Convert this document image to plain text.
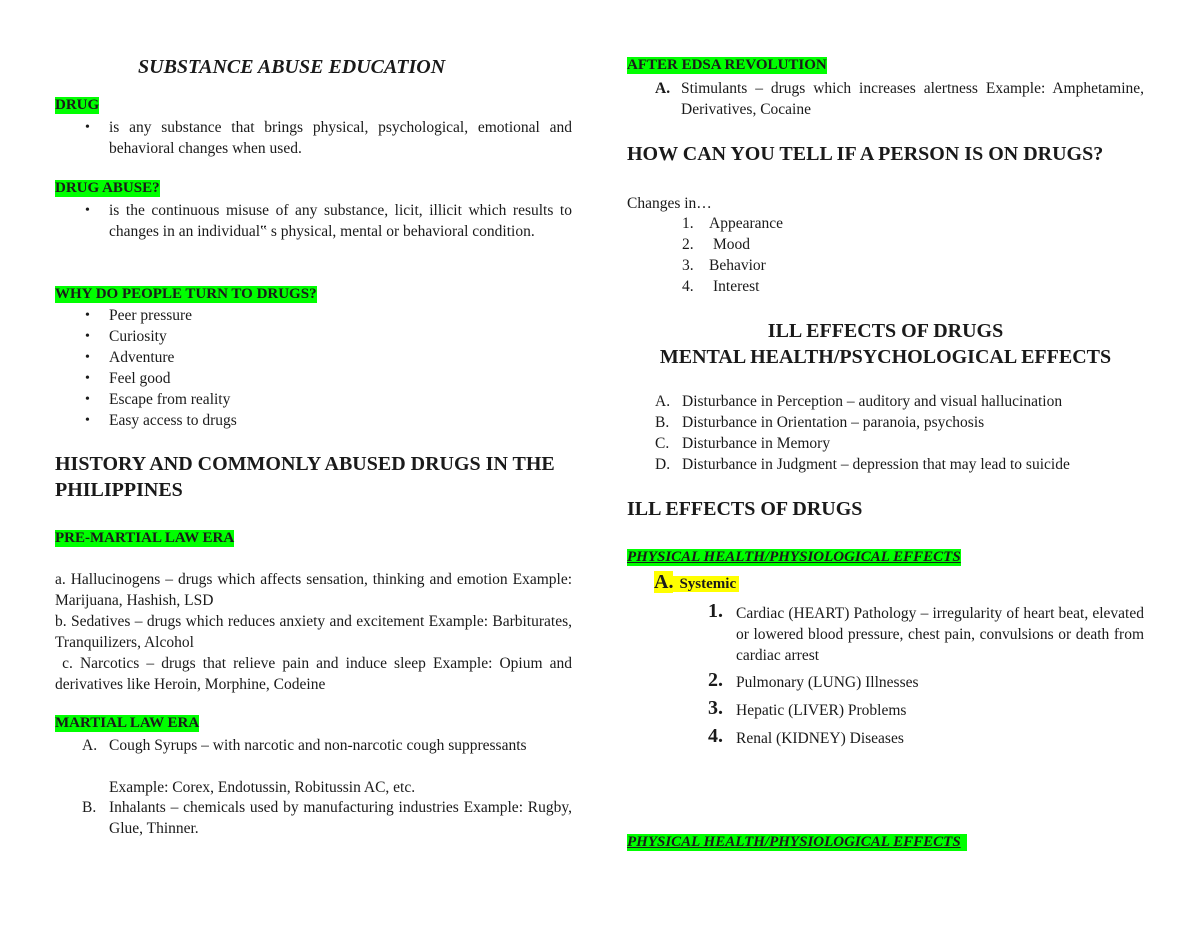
SUBSTANCE ABUSE EDUCATION
DRUG
• is any substance that brings physical, psychological, emotional and behavioral changes when used.
DRUG ABUSE?
• is the continuous misuse of any substance, licit, illicit which results to changes in an individual‟ s physical, mental or behavioral condition.
WHY DO PEOPLE TURN TO DRUGS?
• Peer pressure
• Curiosity
• Adventure
• Feel good
• Escape from reality
• Easy access to drugs
HISTORY AND COMMONLY ABUSED DRUGS IN THE PHILIPPINES
PRE-MARTIAL LAW ERA
a. Hallucinogens – drugs which affects sensation, thinking and emotion Example: Marijuana, Hashish, LSD
b. Sedatives – drugs which reduces anxiety and excitement Example: Barbiturates, Tranquilizers, Alcohol
c. Narcotics – drugs that relieve pain and induce sleep Example: Opium and derivatives like Heroin, Morphine, Codeine
MARTIAL LAW ERA
A. Cough Syrups – with narcotic and non-narcotic cough suppressants
Example: Corex, Endotussin, Robitussin AC, etc.
B. Inhalants – chemicals used by manufacturing industries Example: Rugby, Glue, Thinner.
AFTER EDSA REVOLUTION
A. Stimulants – drugs which increases alertness Example: Amphetamine, Derivatives, Cocaine
HOW CAN YOU TELL IF A PERSON IS ON DRUGS?
Changes in…
1. Appearance
2. Mood
3. Behavior
4. Interest
ILL EFFECTS OF DRUGS
MENTAL HEALTH/PSYCHOLOGICAL EFFECTS
A. Disturbance in Perception – auditory and visual hallucination
B. Disturbance in Orientation – paranoia, psychosis
C. Disturbance in Memory
D. Disturbance in Judgment – depression that may lead to suicide
ILL EFFECTS OF DRUGS
PHYSICAL HEALTH/PHYSIOLOGICAL EFFECTS
A. Systemic
1. Cardiac (HEART) Pathology – irregularity of heart beat, elevated or lowered blood pressure, chest pain, convulsions or death from cardiac arrest
2. Pulmonary (LUNG) Illnesses
3. Hepatic (LIVER) Problems
4. Renal (KIDNEY) Diseases
PHYSICAL HEALTH/PHYSIOLOGICAL EFFECTS
